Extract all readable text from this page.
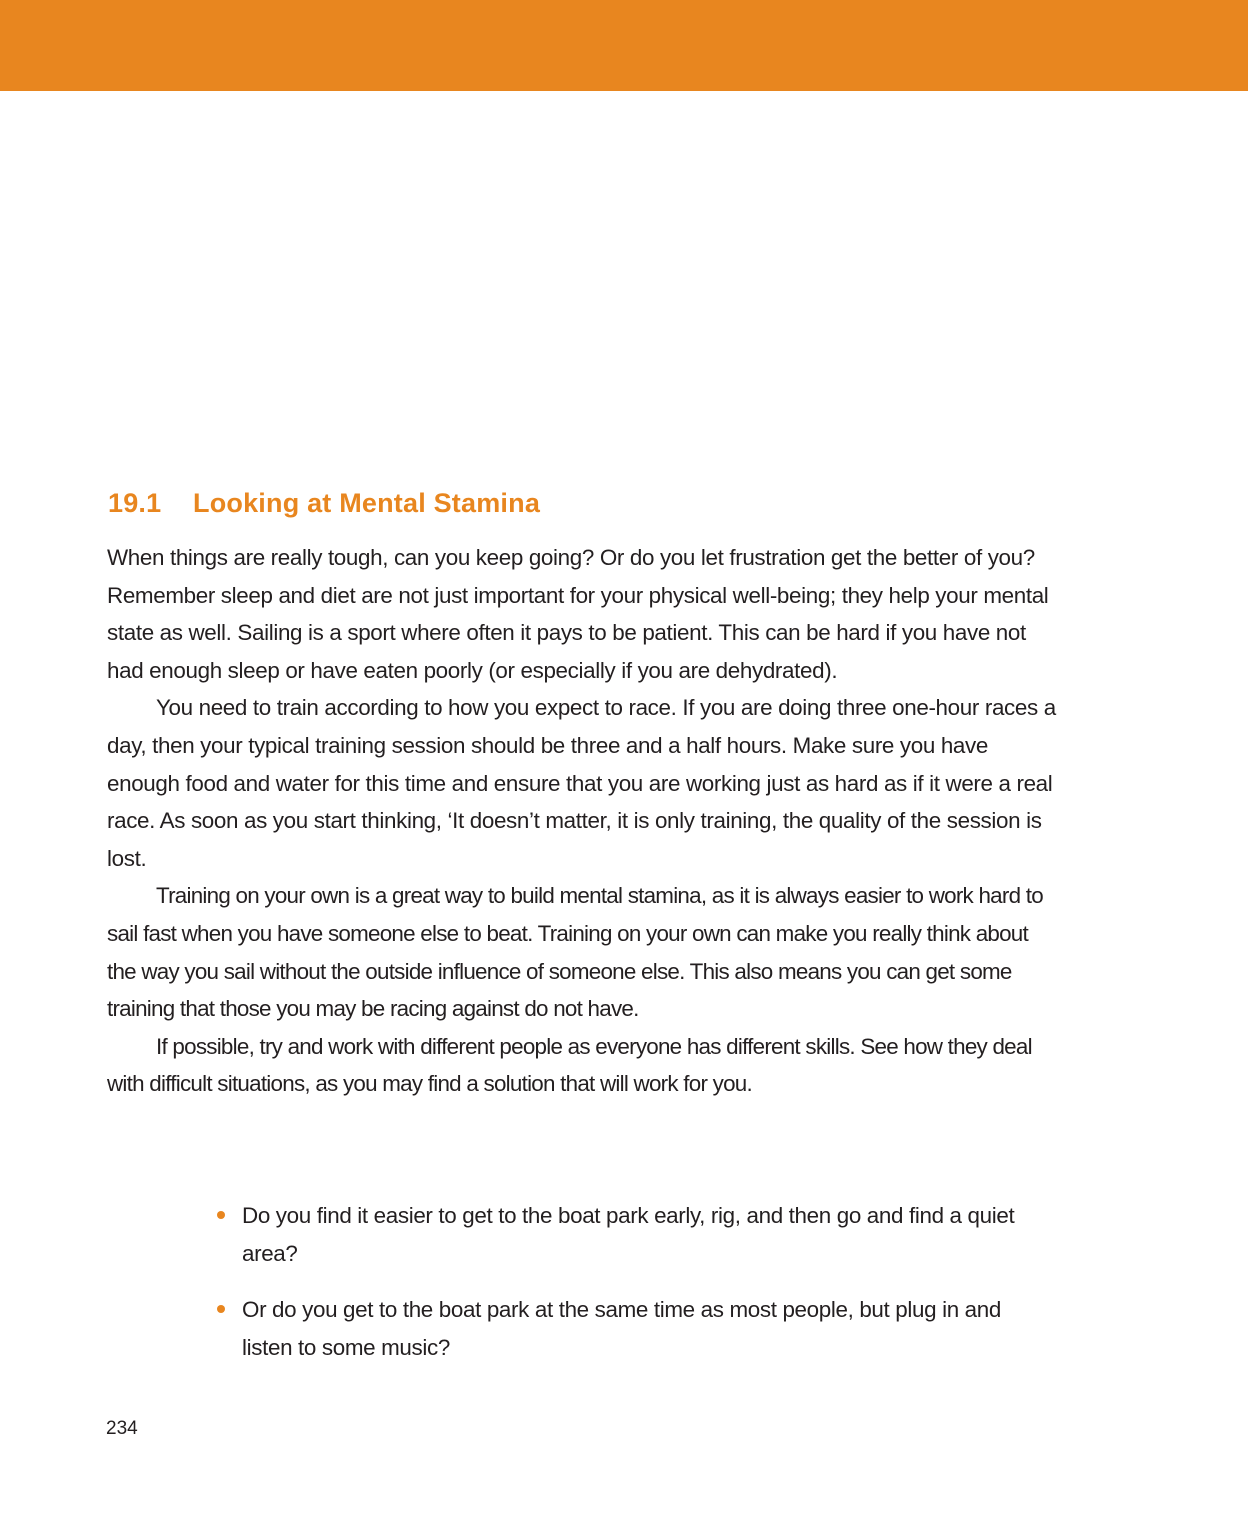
19.1 Looking at Mental Stamina

When things are really tough, can you keep going? Or do you let frustration get the better of you? Remember sleep and diet are not just important for your physical well-being; they help your mental state as well. Sailing is a sport where often it pays to be patient. This can be hard if you have not had enough sleep or have eaten poorly (or especially if you are dehydrated).

You need to train according to how you expect to race. If you are doing three one-hour races a day, then your typical training session should be three and a half hours. Make sure you have enough food and water for this time and ensure that you are working just as hard as if it were a real race. As soon as you start thinking, ‘It doesn’t matter, it is only training, the quality of the session is lost.

Training on your own is a great way to build mental stamina, as it is always easier to work hard to sail fast when you have someone else to beat. Training on your own can make you really think about the way you sail without the outside influence of someone else. This also means you can get some training that those you may be racing against do not have.

If possible, try and work with different people as everyone has different skills. See how they deal with difficult situations, as you may find a solution that will work for you.

Do you find it easier to get to the boat park early, rig, and then go and find a quiet area?
Or do you get to the boat park at the same time as most people, but plug in and listen to some music?
234
